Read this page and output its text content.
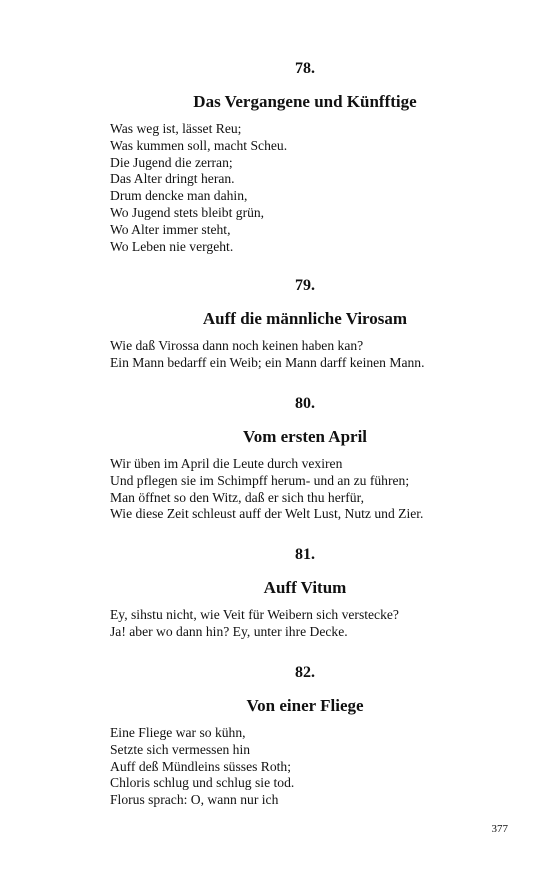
78.
Das Vergangene und Künfftige
Was weg ist, lässet Reu;
Was kummen soll, macht Scheu.
Die Jugend die zerran;
Das Alter dringt heran.
Drum dencke man dahin,
Wo Jugend stets bleibt grün,
Wo Alter immer steht,
Wo Leben nie vergeht.
79.
Auff die männliche Virosam
Wie daß Virossa dann noch keinen haben kan?
Ein Mann bedarff ein Weib; ein Mann darff keinen Mann.
80.
Vom ersten April
Wir üben im April die Leute durch vexiren
Und pflegen sie im Schimpff herum- und an zu führen;
Man öffnet so den Witz, daß er sich thu herfür,
Wie diese Zeit schleust auff der Welt Lust, Nutz und Zier.
81.
Auff Vitum
Ey, sihstu nicht, wie Veit für Weibern sich verstecke?
Ja! aber wo dann hin? Ey, unter ihre Decke.
82.
Von einer Fliege
Eine Fliege war so kühn,
Setzte sich vermessen hin
Auff deß Mündleins süsses Roth;
Chloris schlug und schlug sie tod.
Florus sprach: O, wann nur ich
377
